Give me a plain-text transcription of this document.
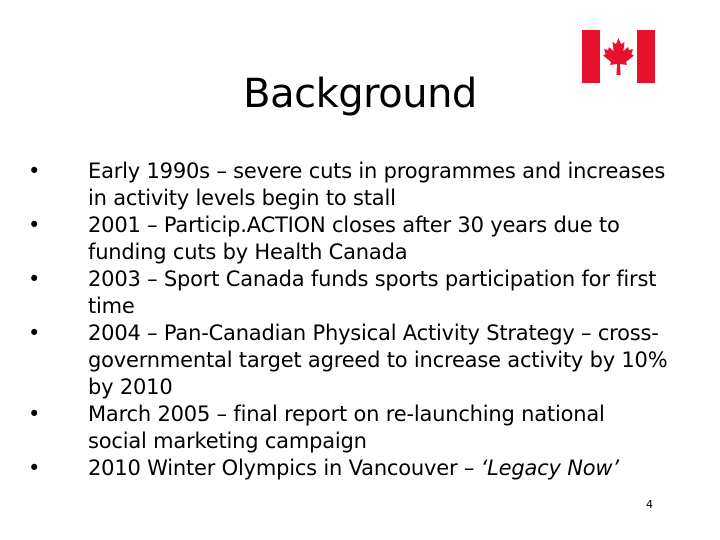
Background
•	Early 1990s – severe cuts in programmes and increases in activity levels begin to stall
•	2001 – Particip.ACTION closes after 30 years due to funding cuts by Health Canada
•	2003 – Sport Canada funds sports participation for first time
•	2004 – Pan-Canadian Physical Activity Strategy – cross-governmental target agreed to increase activity by 10% by 2010
•	March 2005 – final report on re-launching national social marketing campaign
•	2010 Winter Olympics in Vancouver – ‘Legacy Now’
4
